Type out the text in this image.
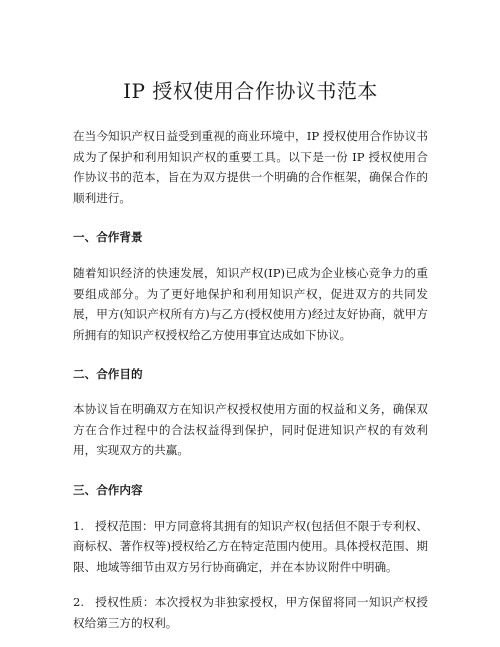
IP 授权使用合作协议书范本

在当今知识产权日益受到重视的商业环境中，IP 授权使用合作协议书成为了保护和利用知识产权的重要工具。以下是一份 IP 授权使用合作协议书的范本，旨在为双方提供一个明确的合作框架，确保合作的顺利进行。

一、合作背景

随着知识经济的快速发展，知识产权(IP)已成为企业核心竞争力的重要组成部分。为了更好地保护和利用知识产权，促进双方的共同发展，甲方(知识产权所有方)与乙方(授权使用方)经过友好协商，就甲方所拥有的知识产权授权给乙方使用事宜达成如下协议。

二、合作目的

本协议旨在明确双方在知识产权授权使用方面的权益和义务，确保双方在合作过程中的合法权益得到保护，同时促进知识产权的有效利用，实现双方的共赢。

三、合作内容

1. 授权范围：甲方同意将其拥有的知识产权(包括但不限于专利权、商标权、著作权等)授权给乙方在特定范围内使用。具体授权范围、期限、地域等细节由双方另行协商确定，并在本协议附件中明确。

2. 授权性质：本次授权为非独家授权，甲方保留将同一知识产权授权给第三方的权利。
